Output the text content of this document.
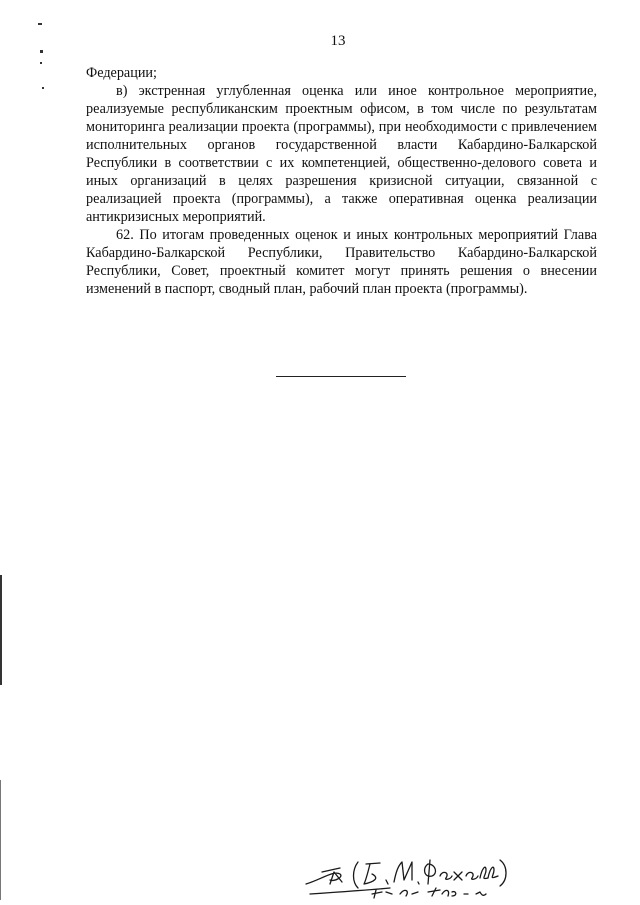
13

Федерации;

в) экстренная углубленная оценка или иное контрольное мероприятие, реализуемые республиканским проектным офисом, в том числе по результатам мониторинга реализации проекта (программы), при необходимости с привлечением исполнительных органов государственной власти Кабардино-Балкарской Республики в соответствии с их компетенцией, общественно-делового совета и иных организаций в целях разрешения кризисной ситуации, связанной с реализацией проекта (программы), а также оперативная оценка реализации антикризисных мероприятий.

62. По итогам проведенных оценок и иных контрольных мероприятий Глава Кабардино-Балкарской Республики, Правительство Кабардино-Балкарской Республики, Совет, проектный комитет могут принять решения о внесении изменений в паспорт, сводный план, рабочий план проекта (программы).
